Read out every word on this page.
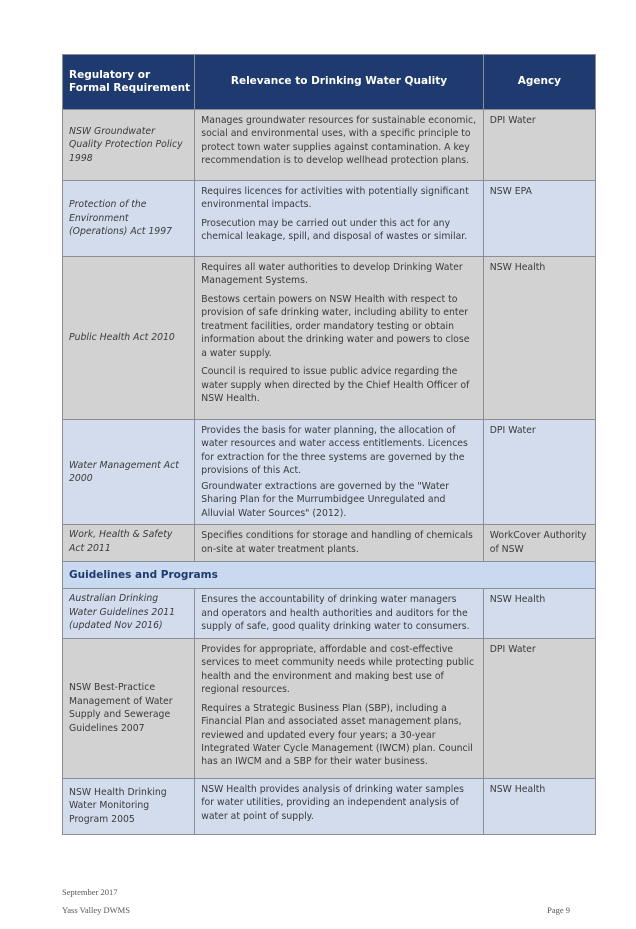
Regulatory or Formal Requirement	Relevance to Drinking Water Quality	Agency
NSW Groundwater Quality Protection Policy 1998	Manages groundwater resources for sustainable economic, social and environmental uses, with a specific principle to protect town water supplies against contamination. A key recommendation is to develop wellhead protection plans.	DPI Water
Protection of the Environment (Operations) Act 1997	Requires licences for activities with potentially significant environmental impacts.

Prosecution may be carried out under this act for any chemical leakage, spill, and disposal of wastes or similar.	NSW EPA
Public Health Act 2010	Requires all water authorities to develop Drinking Water Management Systems.

Bestows certain powers on NSW Health with respect to provision of safe drinking water, including ability to enter treatment facilities, order mandatory testing or obtain information about the drinking water and powers to close a water supply.

Council is required to issue public advice regarding the water supply when directed by the Chief Health Officer of NSW Health.	NSW Health
Water Management Act 2000	Provides the basis for water planning, the allocation of water resources and water access entitlements. Licences for extraction for the three systems are governed by the provisions of this Act.

Groundwater extractions are governed by the "Water Sharing Plan for the Murrumbidgee Unregulated and Alluvial Water Sources" (2012).	DPI Water
Work, Health & Safety Act 2011	Specifies conditions for storage and handling of chemicals on-site at water treatment plants.	WorkCover Authority of NSW
Guidelines and Programs		
Australian Drinking Water Guidelines 2011 (updated Nov 2016)	Ensures the accountability of drinking water managers and operators and health authorities and auditors for the supply of safe, good quality drinking water to consumers.	NSW Health
NSW Best-Practice Management of Water Supply and Sewerage Guidelines 2007	Provides for appropriate, affordable and cost-effective services to meet community needs while protecting public health and the environment and making best use of regional resources.

Requires a Strategic Business Plan (SBP), including a Financial Plan and associated asset management plans, reviewed and updated every four years; a 30-year Integrated Water Cycle Management (IWCM) plan. Council has an IWCM and a SBP for their water business.	DPI Water
NSW Health Drinking Water Monitoring Program 2005	NSW Health provides analysis of drinking water samples for water utilities, providing an independent analysis of water at point of supply.	NSW Health
September 2017
Yass Valley DWMS	Page 9
